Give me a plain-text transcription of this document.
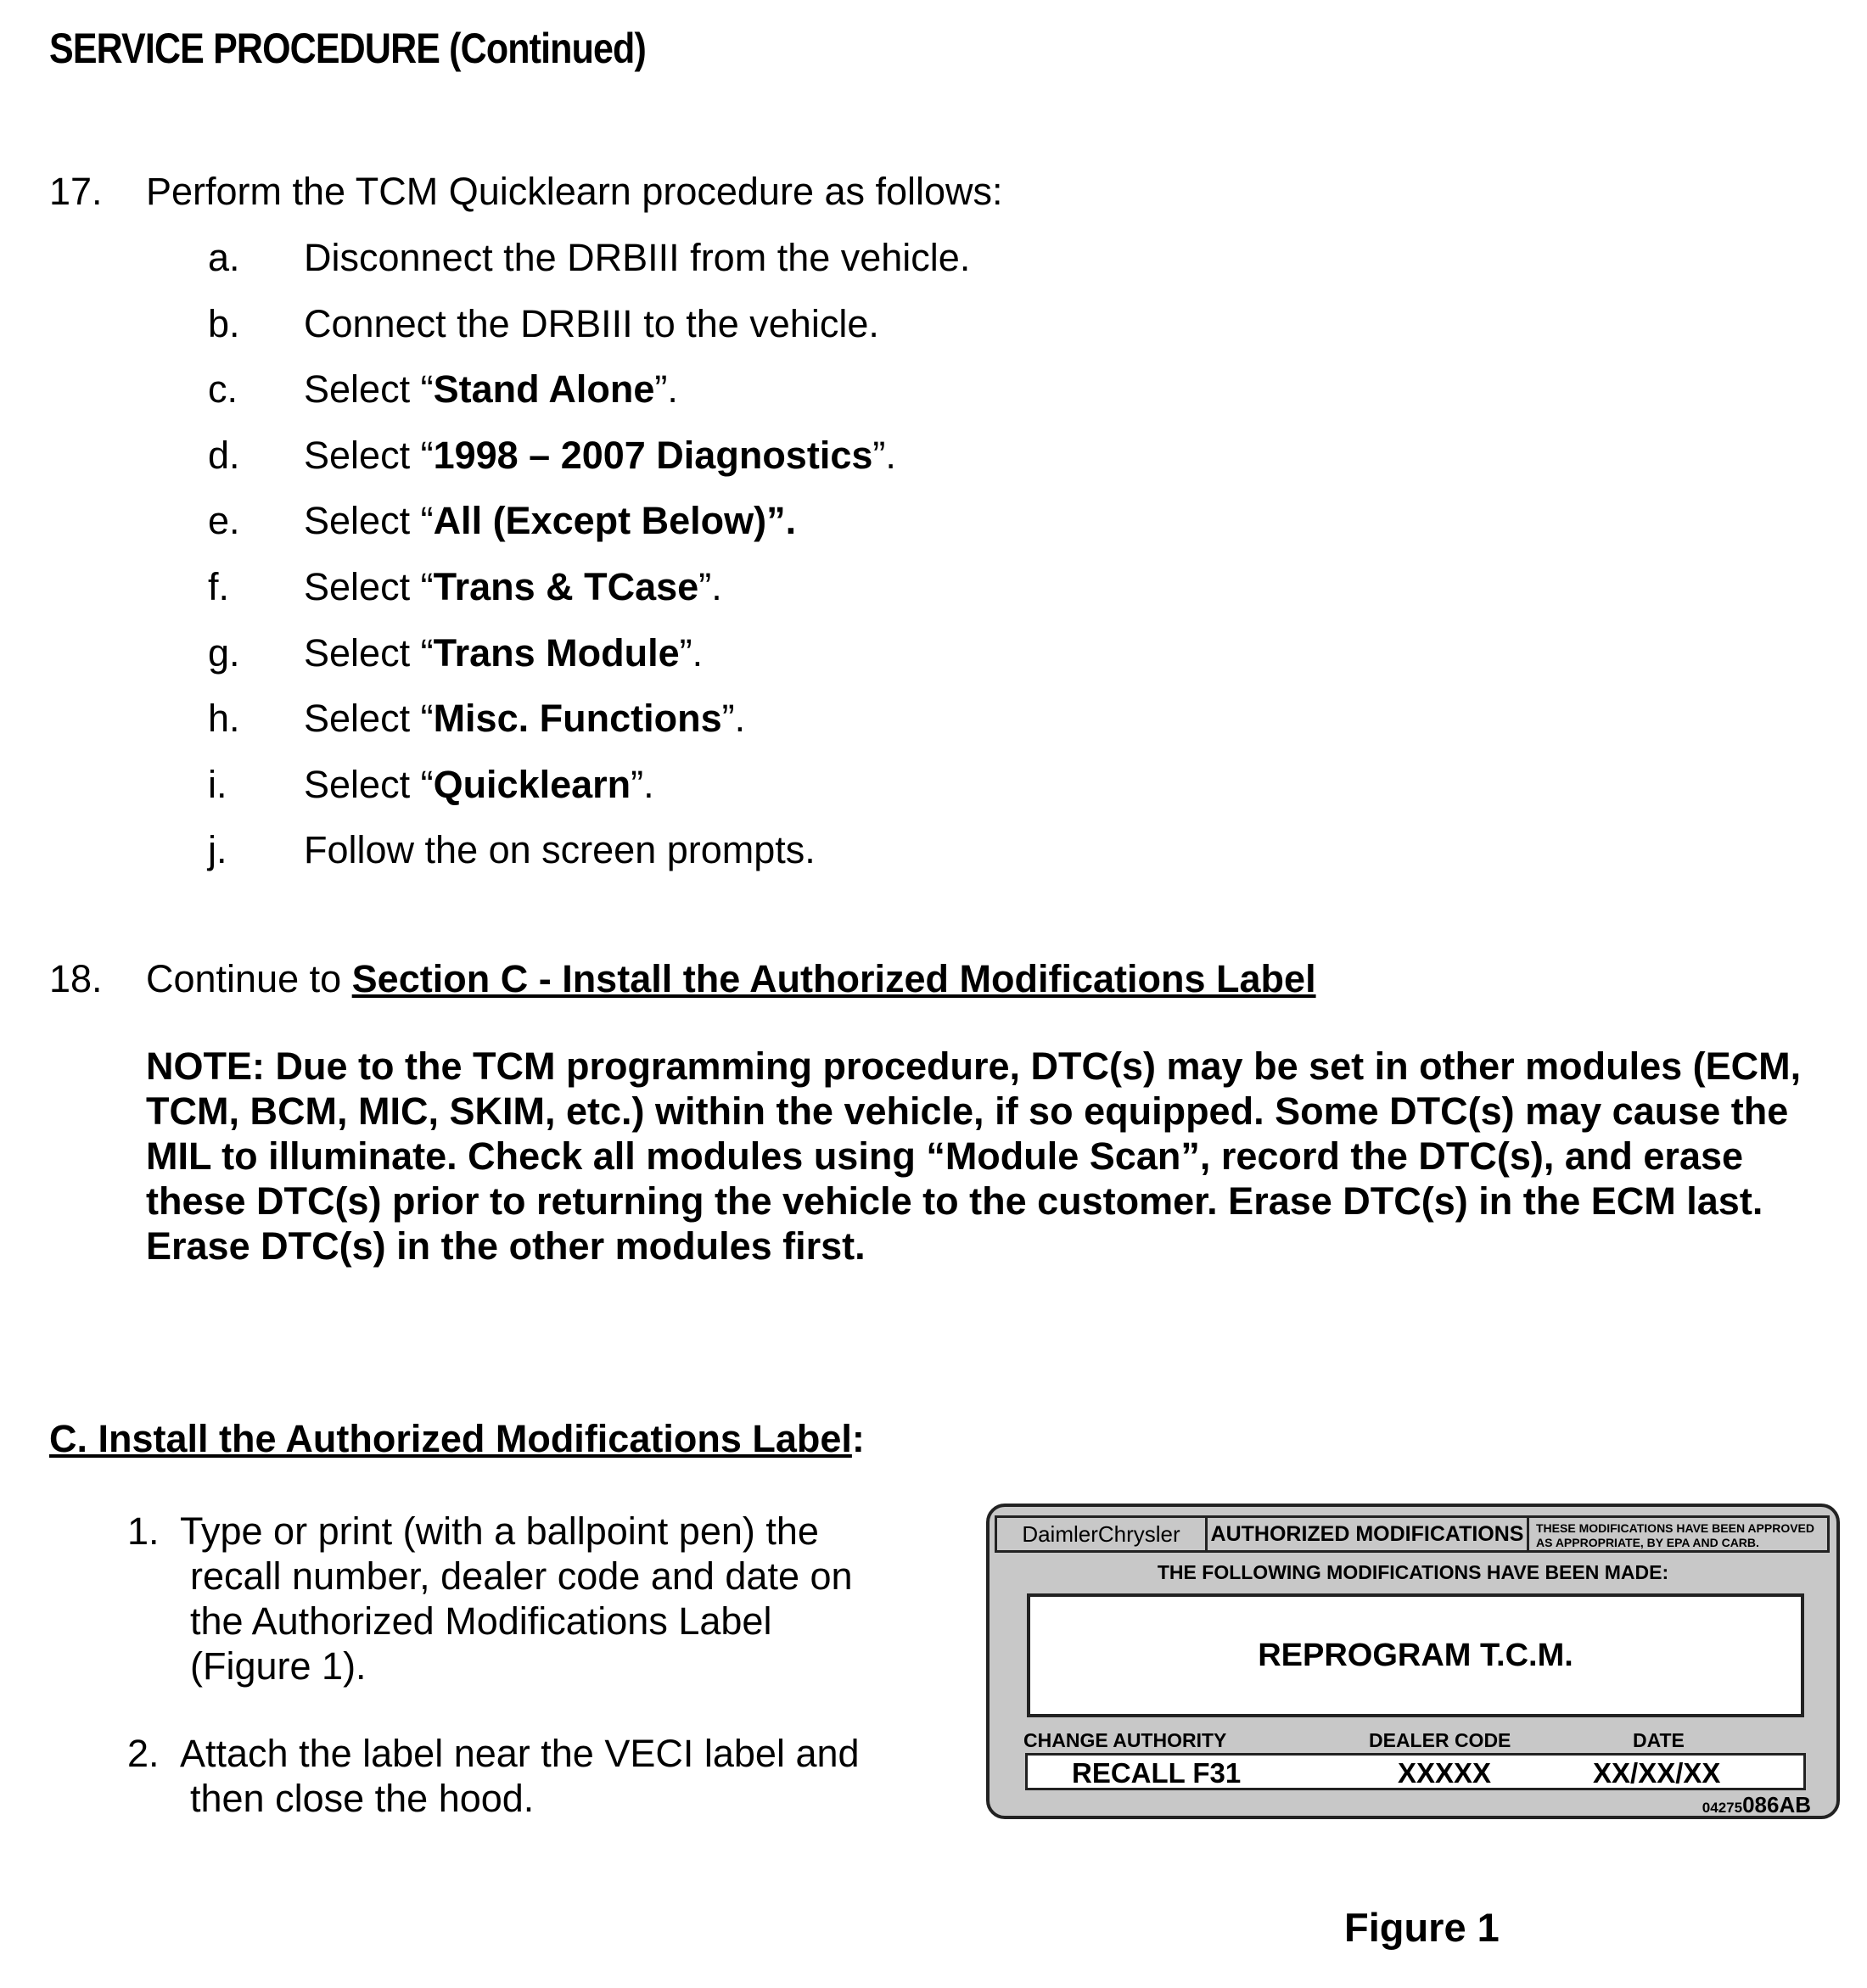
SERVICE PROCEDURE (Continued)
17. Perform the TCM Quicklearn procedure as follows:
a. Disconnect the DRBIII from the vehicle.
b. Connect the DRBIII to the vehicle.
c. Select “Stand Alone”.
d. Select “1998 – 2007 Diagnostics”.
e. Select “All (Except Below)”.
f. Select “Trans & TCase”.
g. Select “Trans Module”.
h. Select “Misc. Functions”.
i. Select “Quicklearn”.
j. Follow the on screen prompts.
18. Continue to Section C - Install the Authorized Modifications Label
NOTE: Due to the TCM programming procedure, DTC(s) may be set in other modules (ECM, TCM, BCM, MIC, SKIM, etc.) within the vehicle, if so equipped. Some DTC(s) may cause the MIL to illuminate. Check all modules using “Module Scan”, record the DTC(s), and erase these DTC(s) prior to returning the vehicle to the customer. Erase DTC(s) in the ECM last. Erase DTC(s) in the other modules first.
C. Install the Authorized Modifications Label:
1. Type or print (with a ballpoint pen) the
recall number, dealer code and date on
the Authorized Modifications Label
(Figure 1).
2. Attach the label near the VECI label and
then close the hood.
DaimlerChrysler	AUTHORIZED MODIFICATIONS	THESE MODIFICATIONS HAVE BEEN APPROVED AS APPROPRIATE, BY EPA AND CARB.
THE FOLLOWING MODIFICATIONS HAVE BEEN MADE:
REPROGRAM T.C.M.
CHANGE AUTHORITY	DEALER CODE	DATE
RECALL F31	XXXXX	XX/XX/XX
04275086AB
Figure 1
